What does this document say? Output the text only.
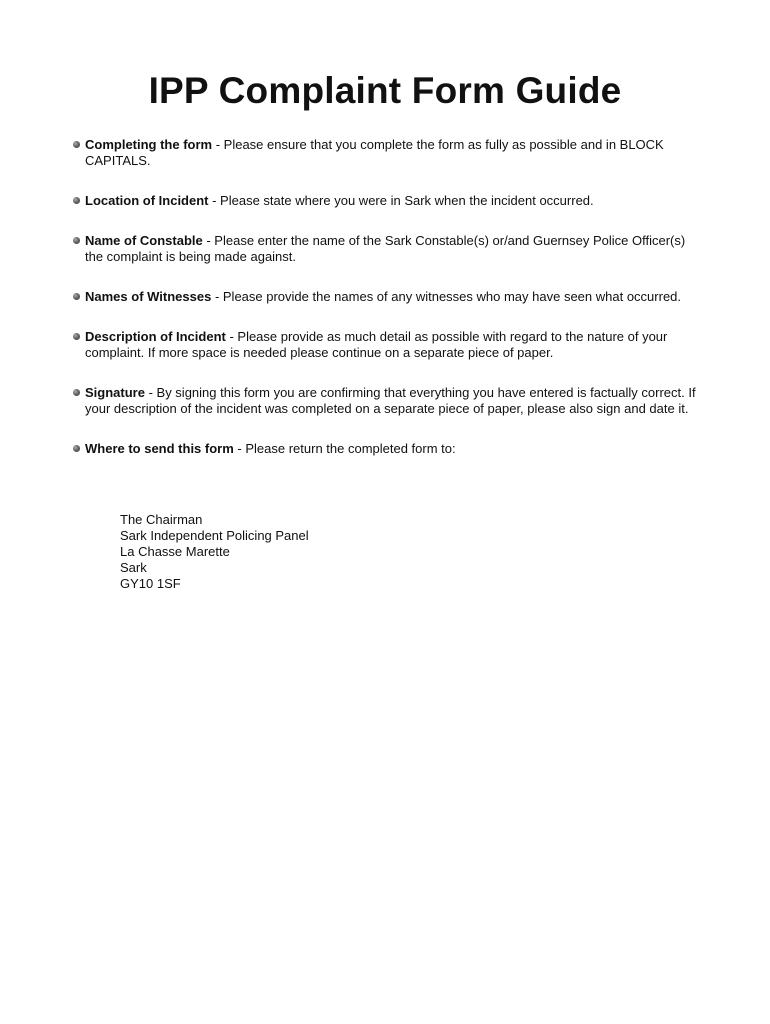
IPP Complaint Form Guide
Completing the form - Please ensure that you complete the form as fully as possible and in BLOCK CAPITALS.
Location of Incident - Please state where you were in Sark when the incident occurred.
Name of Constable - Please enter the name of the Sark Constable(s) or/and Guernsey Police Officer(s) the complaint is being made against.
Names of Witnesses - Please provide the names of any witnesses who may have seen what occurred.
Description of Incident - Please provide as much detail as possible with regard to the nature of your complaint. If more space is needed please continue on a separate piece of paper.
Signature - By signing this form you are confirming that everything you have entered is factually correct. If your description of the incident was completed on a separate piece of paper, please also sign and date it.
Where to send this form - Please return the completed form to:
The Chairman
Sark Independent Policing Panel
La Chasse Marette
Sark
GY10 1SF
